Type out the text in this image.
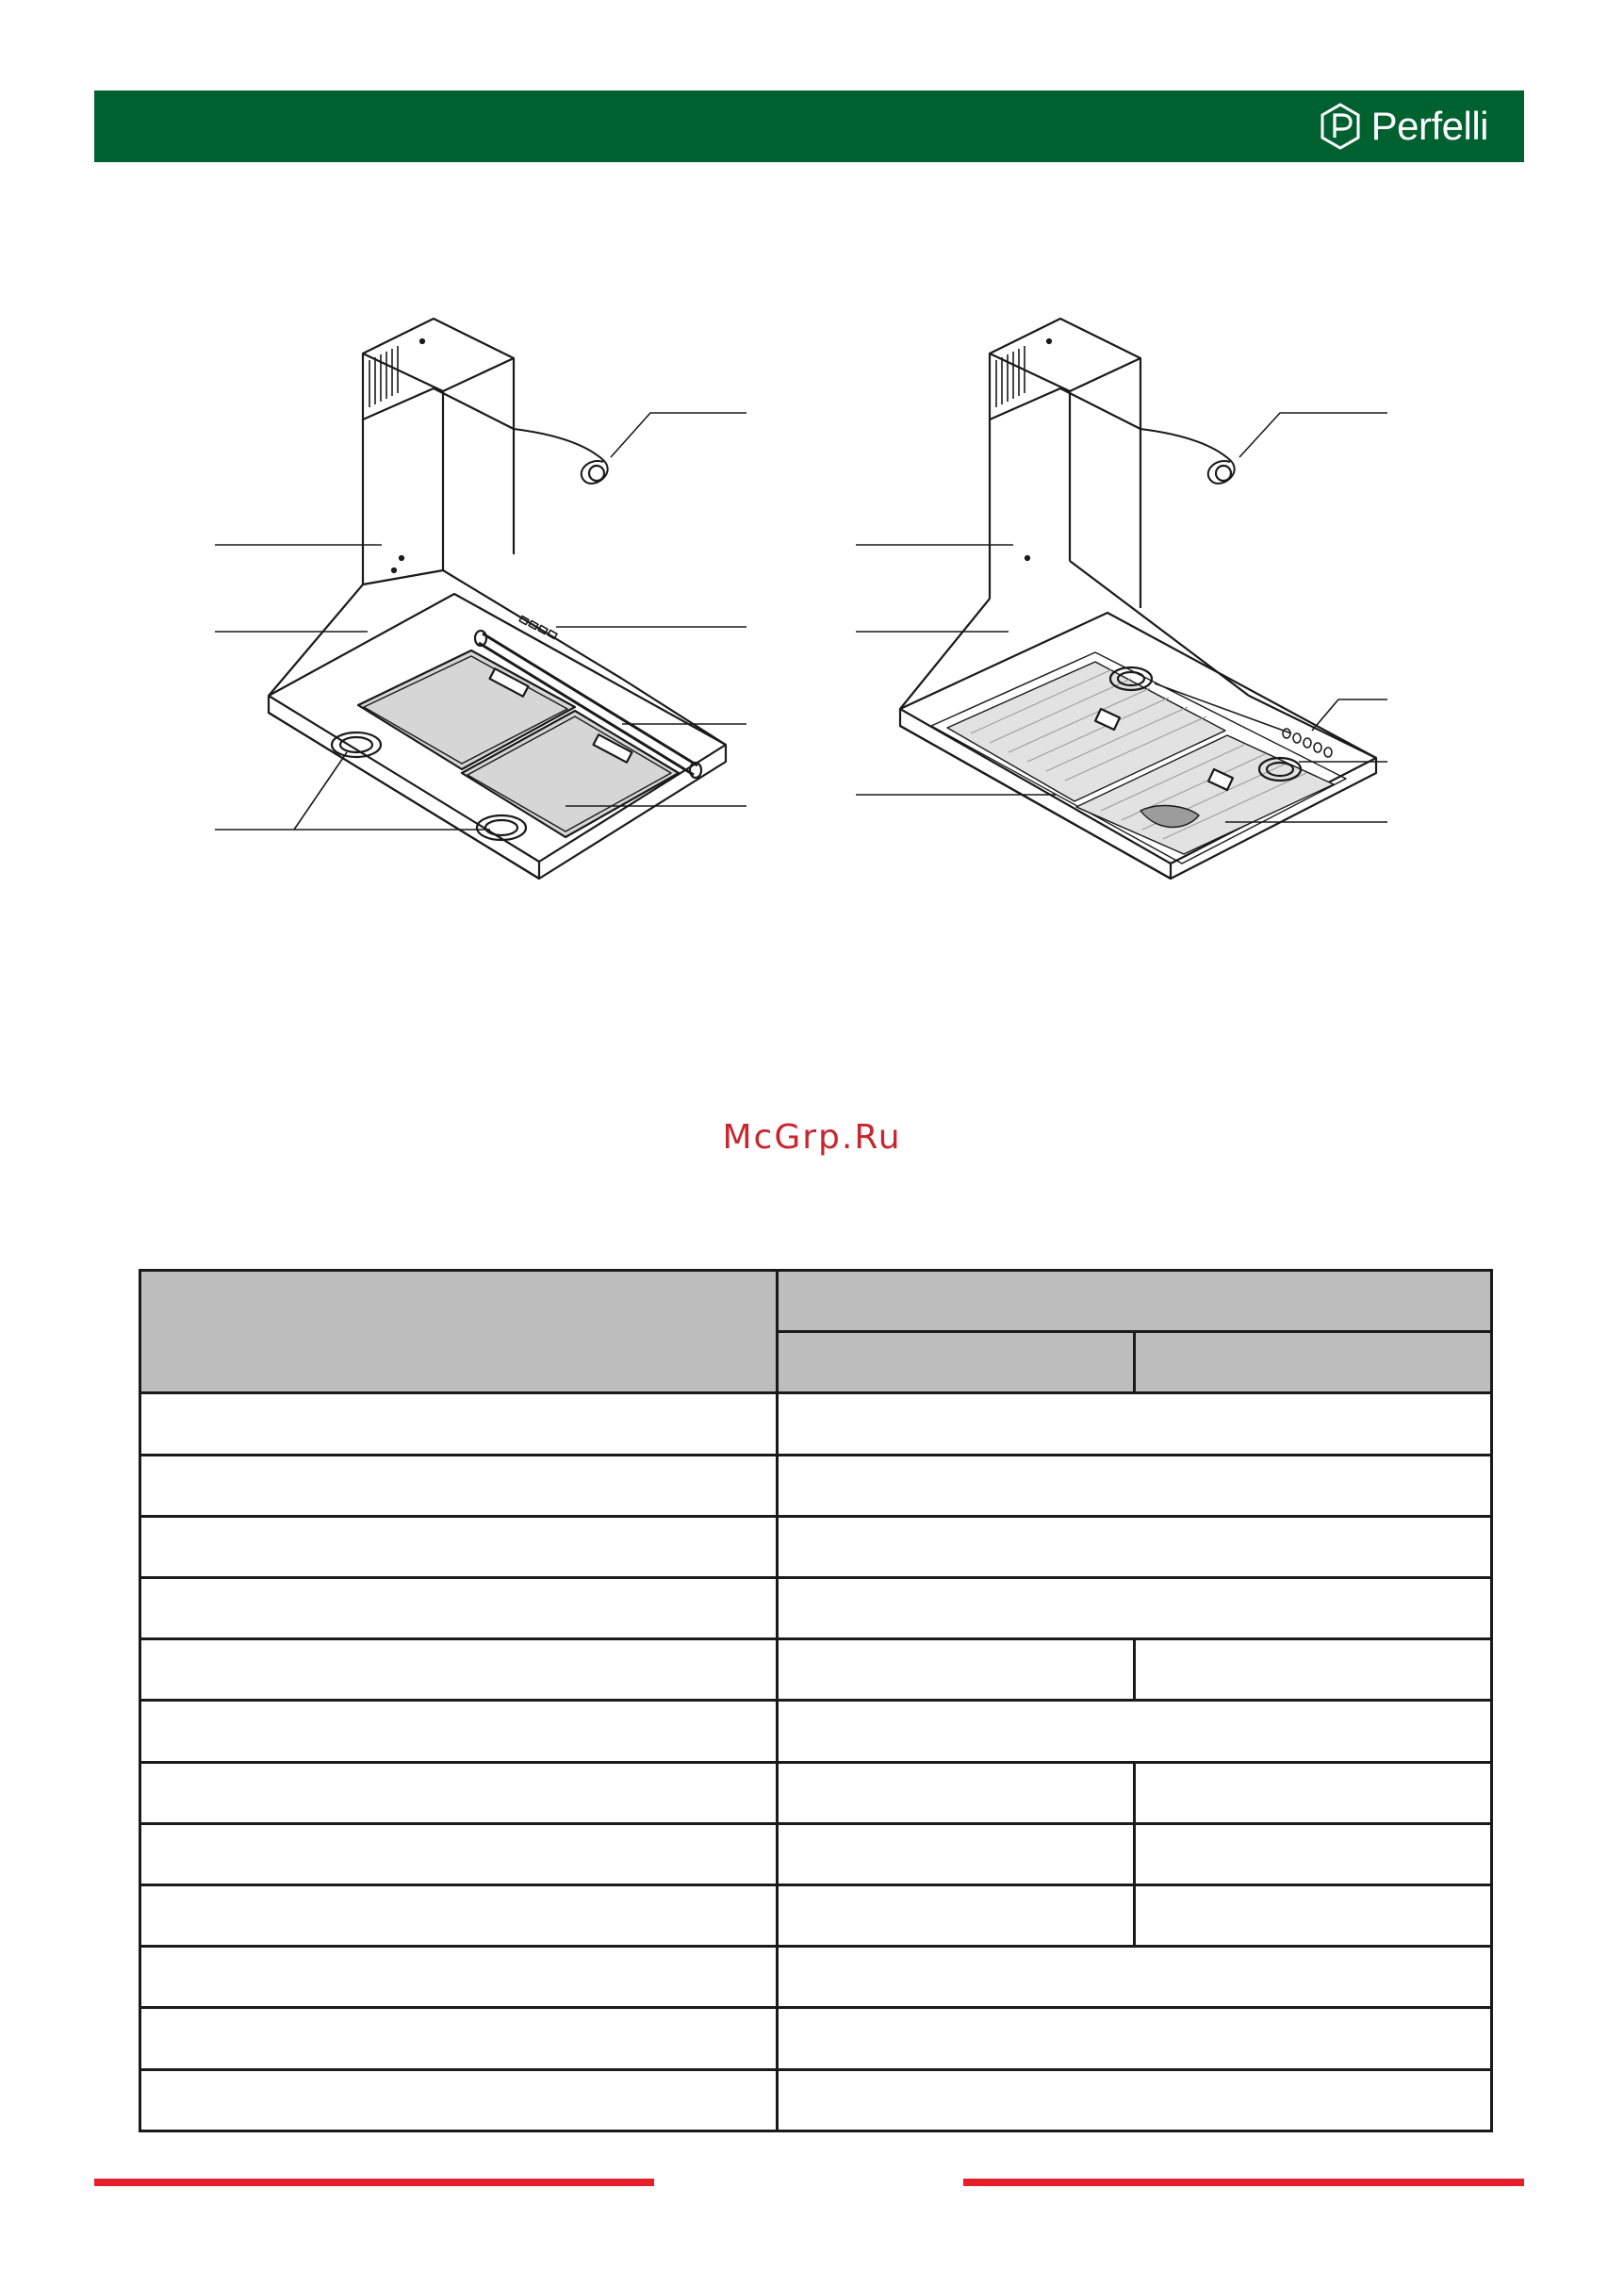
Perfelli
McGrp.Ru
